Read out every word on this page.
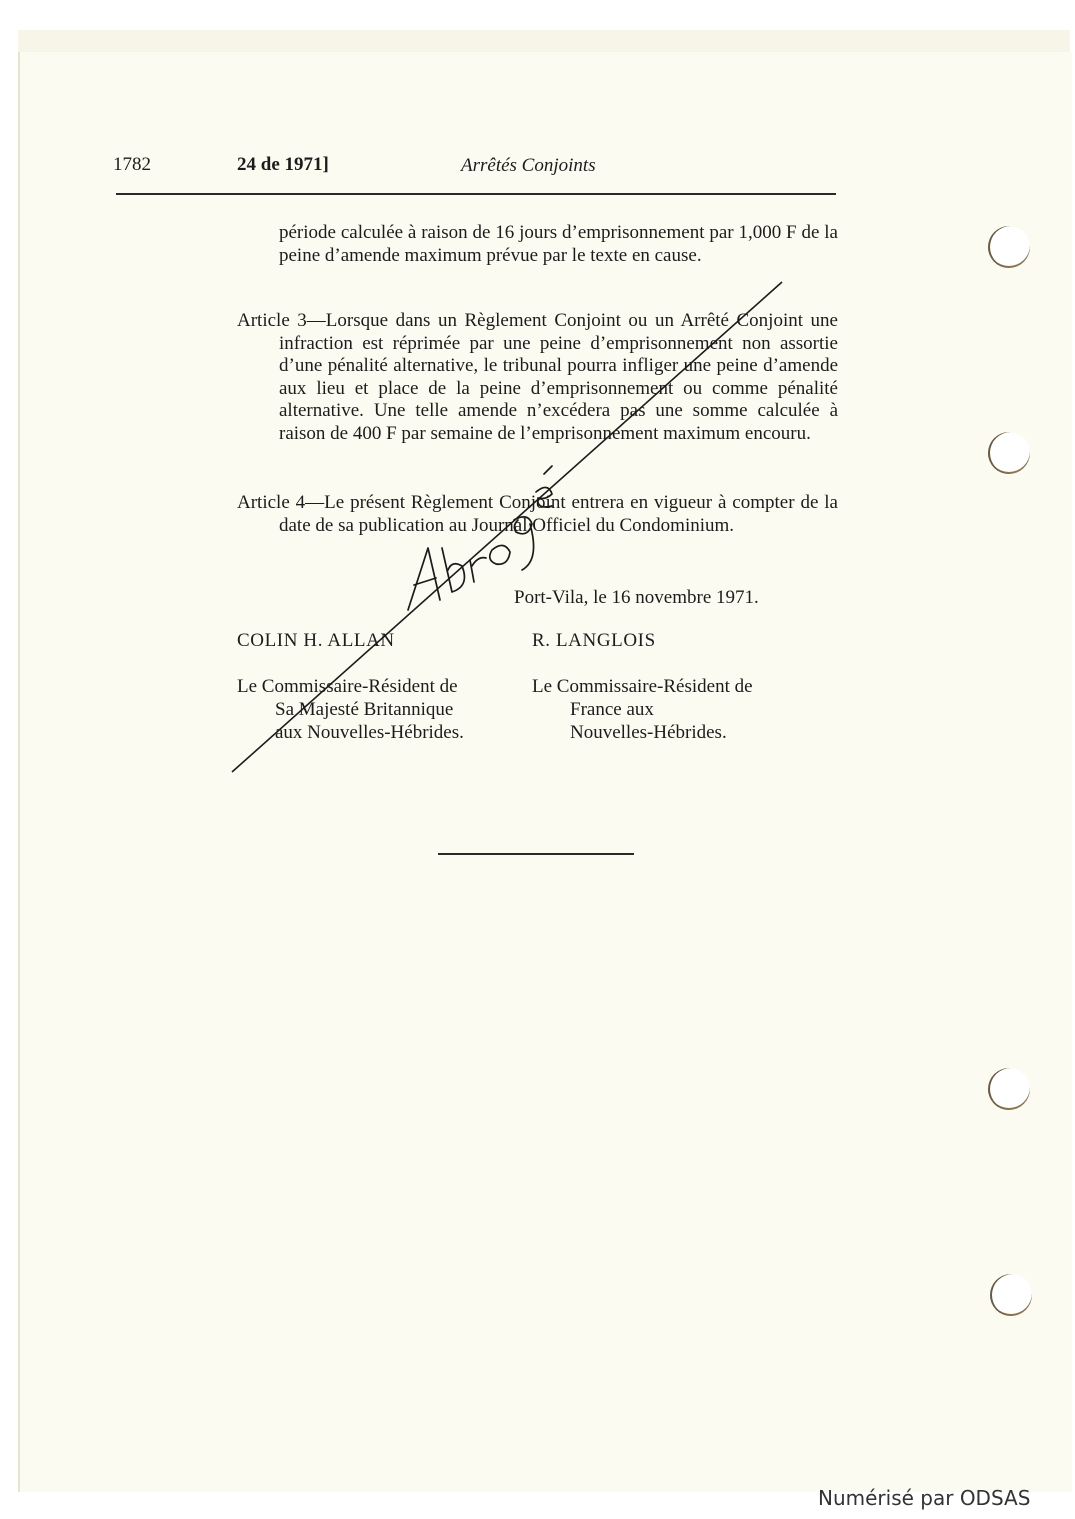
1782	24 de 1971]	Arrêtés Conjoints
période calculée à raison de 16 jours d’emprisonnement par 1,000 F de la peine d’amende maximum prévue par le texte en cause.
Article 3—Lorsque dans un Règlement Conjoint ou un Arrêté Conjoint une infraction est réprimée par une peine d’emprisonnement non assortie d’une pénalité alternative, le tribunal pourra infliger une peine d’amende aux lieu et place de la peine d’emprisonnement ou comme pénalité alternative. Une telle amende n’excédera pas une somme calculée à raison de 400 F par semaine de l’emprisonnement maximum encouru.
Article 4—Le présent Règlement Conjoint entrera en vigueur à compter de la date de sa publication au Journal Officiel du Condominium.
Port-Vila, le 16 novembre 1971.
COLIN H. ALLAN	R. LANGLOIS
Le Commissaire-Résident de
Sa Majesté Britannique
aux Nouvelles-Hébrides.
Le Commissaire-Résident de
France aux
Nouvelles-Hébrides.
Numérisé par ODSAS
